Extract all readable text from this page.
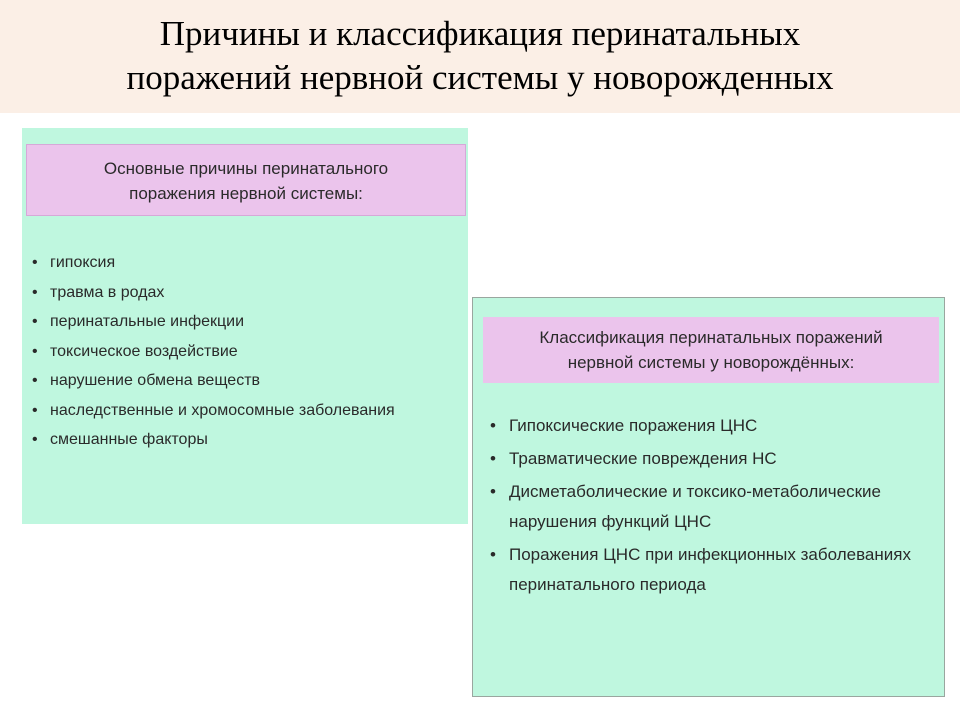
Причины и классификация перинатальных
поражений нервной системы у новорожденных
Основные причины перинатального
поражения нервной системы:
• гипоксия
• травма в родах
• перинатальные инфекции
• токсическое воздействие
• нарушение обмена веществ
• наследственные и хромосомные заболевания
• смешанные факторы
Классификация перинатальных поражений
нервной системы у новорождённых:
• Гипоксические поражения ЦНС
• Травматические повреждения НС
• Дисметаболические и токсико-метаболические нарушения функций ЦНС
• Поражения ЦНС при инфекционных заболеваниях перинатального периода
